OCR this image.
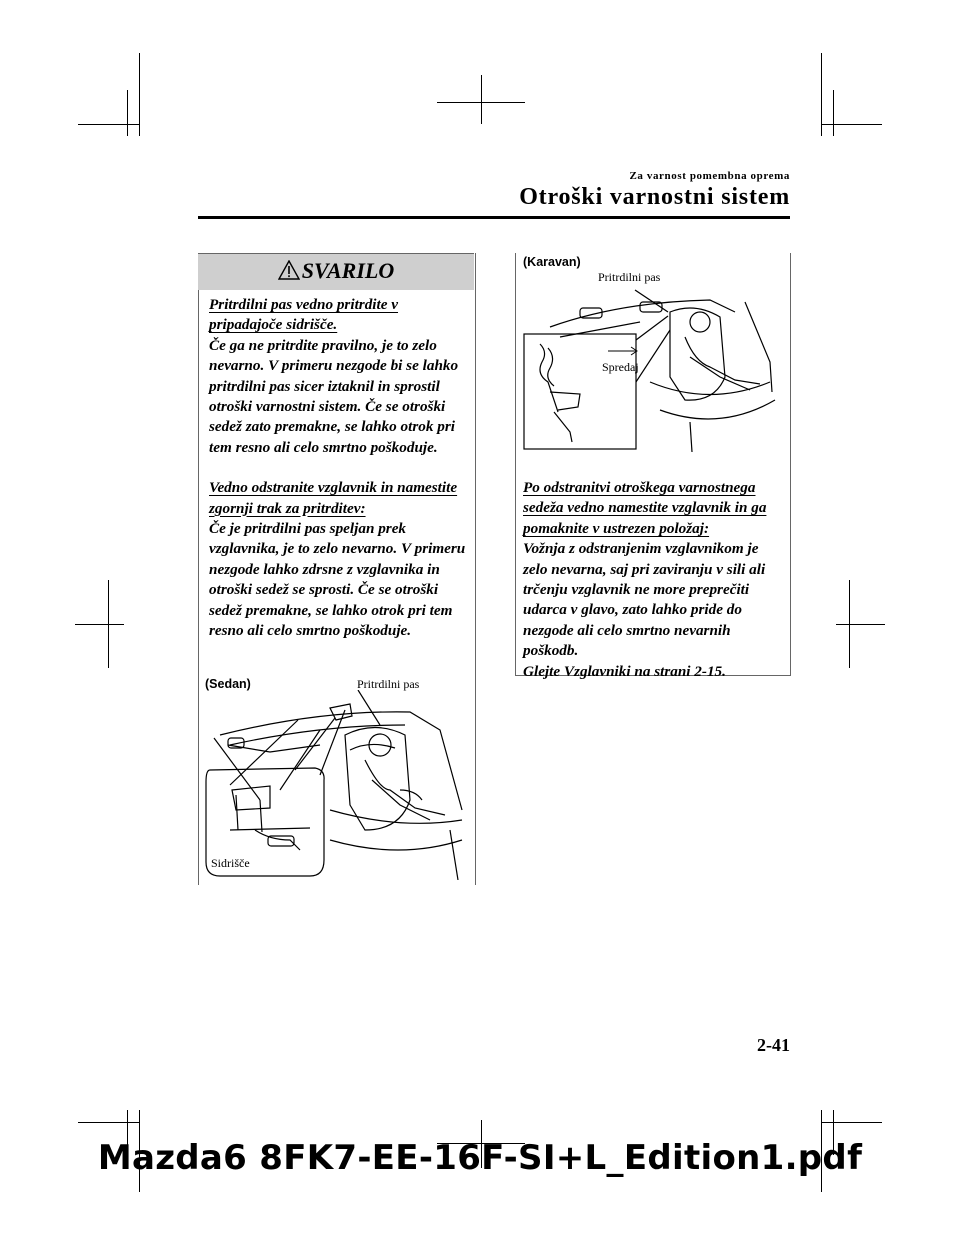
Za varnost pomembna oprema
Otroški varnostni sistem
SVARILO

Pritrdilni pas vedno pritrdite v pripadajoče sidrišče.

Če ga ne pritrdite pravilno, je to zelo nevarno. V primeru nezgode bi se lahko pritrdilni pas sicer iztaknil in sprostil otroški varnostni sistem. Če se otroški sedež zato premakne, se lahko otrok pri tem resno ali celo smrtno poškoduje.

Vedno odstranite vzglavnik in namestite zgornji trak za pritrditev:

Če je pritrdilni pas speljan prek vzglavnika, je to zelo nevarno. V primeru nezgode lahko zdrsne z vzglavnika in otroški sedež se sprosti. Če se otroški sedež premakne, se lahko otrok pri tem resno ali celo smrtno poškoduje.

(Sedan)	Pritrdilni pas
Sidrišče
(Karavan)
Pritrdilni pas
Spredaj

Po odstranitvi otroškega varnostnega sedeža vedno namestite vzglavnik in ga pomaknite v ustrezen položaj:

Vožnja z odstranjenim vzglavnikom je zelo nevarna, saj pri zaviranju v sili ali trčenju vzglavnik ne more preprečiti udarca v glavo, zato lahko pride do nezgode ali celo smrtno nevarnih poškodb.

Glejte Vzglavniki na strani 2-15.

2-41
Mazda6 8FK7-EE-16F-SI+L_Edition1.pdf
